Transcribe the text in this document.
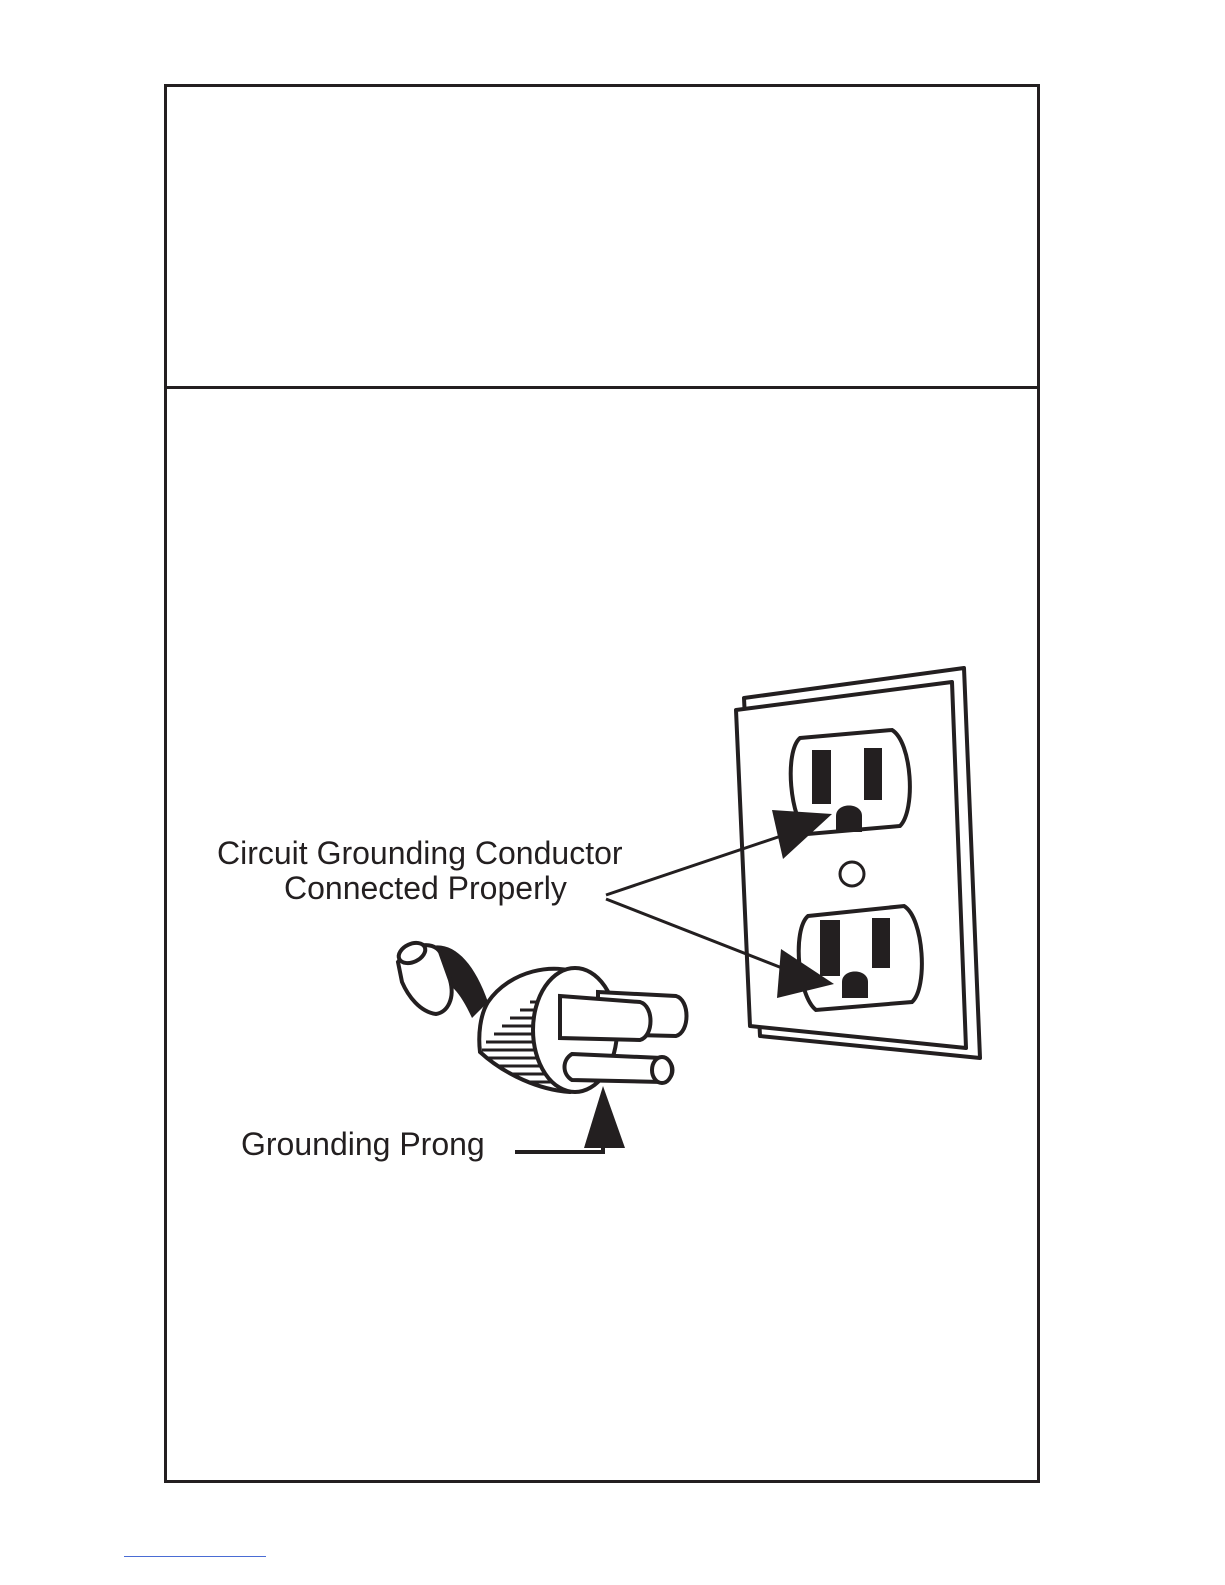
Circuit Grounding Conductor
Connected Properly
Grounding Prong
